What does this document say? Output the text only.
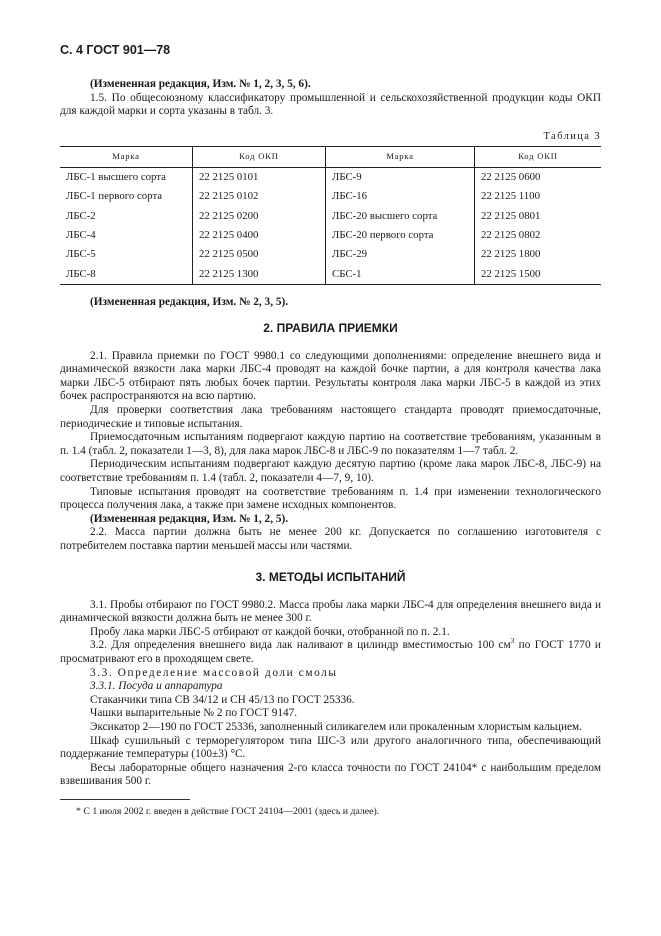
С. 4 ГОСТ 901—78

(Измененная редакция, Изм. № 1, 2, 3, 5, 6).

1.5. По общесоюзному классификатору промышленной и сельскохозяйственной продукции коды ОКП для каждой марки и сорта указаны в табл. 3.

Таблица 3
Марка	Код ОКП	Марка	Код ОКП
ЛБС-1 высшего сорта	22 2125 0101	ЛБС-9	22 2125 0600
ЛБС-1 первого сорта	22 2125 0102	ЛБС-16	22 2125 1100
ЛБС-2	22 2125 0200	ЛБС-20 высшего сорта	22 2125 0801
ЛБС-4	22 2125 0400	ЛБС-20 первого сорта	22 2125 0802
ЛБС-5	22 2125 0500	ЛБС-29	22 2125 1800
ЛБС-8	22 2125 1300	СБС-1	22 2125 1500

(Измененная редакция, Изм. № 2, 3, 5).

2. ПРАВИЛА ПРИЕМКИ

2.1. Правила приемки по ГОСТ 9980.1 со следующими дополнениями: определение внешнего вида и динамической вязкости лака марки ЛБС-4 проводят на каждой бочке партии, а для контроля качества лака марки ЛБС-5 отбирают пять любых бочек партии. Результаты контроля лака марки ЛБС-5 в каждой из этих бочек распространяются на всю партию.

Для проверки соответствия лака требованиям настоящего стандарта проводят приемосдаточные, периодические и типовые испытания.

Приемосдаточным испытаниям подвергают каждую партию на соответствие требованиям, указанным в п. 1.4 (табл. 2, показатели 1—3, 8), для лака марок ЛБС-8 и ЛБС-9 по показателям 1—7 табл. 2.

Периодическим испытаниям подвергают каждую десятую партию (кроме лака марок ЛБС-8, ЛБС-9) на соответствие требованиям п. 1.4 (табл. 2, показатели 4—7, 9, 10).

Типовые испытания проводят на соответствие требованиям п. 1.4 при изменении технологического процесса получения лака, а также при замене исходных компонентов.

(Измененная редакция, Изм. № 1, 2, 5).

2.2. Масса партии должна быть не менее 200 кг. Допускается по соглашению изготовителя с потребителем поставка партии меньшей массы или частями.

3. МЕТОДЫ ИСПЫТАНИЙ

3.1. Пробы отбирают по ГОСТ 9980.2. Масса пробы лака марки ЛБС-4 для определения внешнего вида и динамической вязкости должна быть не менее 300 г.

Пробу лака марки ЛБС-5 отбирают от каждой бочки, отобранной по п. 2.1.

3.2. Для определения внешнего вида лак наливают в цилиндр вместимостью 100 $см^3$ по ГОСТ 1770 и просматривают его в проходящем свете.

3.3. Определение массовой доли смолы

3.3.1. Посуда и аппаратура

Стаканчики типа СВ 34/12 и СН 45/13 по ГОСТ 25336.

Чашки выпарительные № 2 по ГОСТ 9147.

Эксикатор 2—190 по ГОСТ 25336, заполненный силикагелем или прокаленным хлористым кальцием.

Шкаф сушильный с терморегулятором типа ШС-3 или другого аналогичного типа, обеспечивающий поддержание температуры (100±3) °С.

Весы лабораторные общего назначения 2-го класса точности по ГОСТ 24104* с наибольшим пределом взвешивания 500 г.

* С 1 июля 2002 г. введен в действие ГОСТ 24104—2001 (здесь и далее).
